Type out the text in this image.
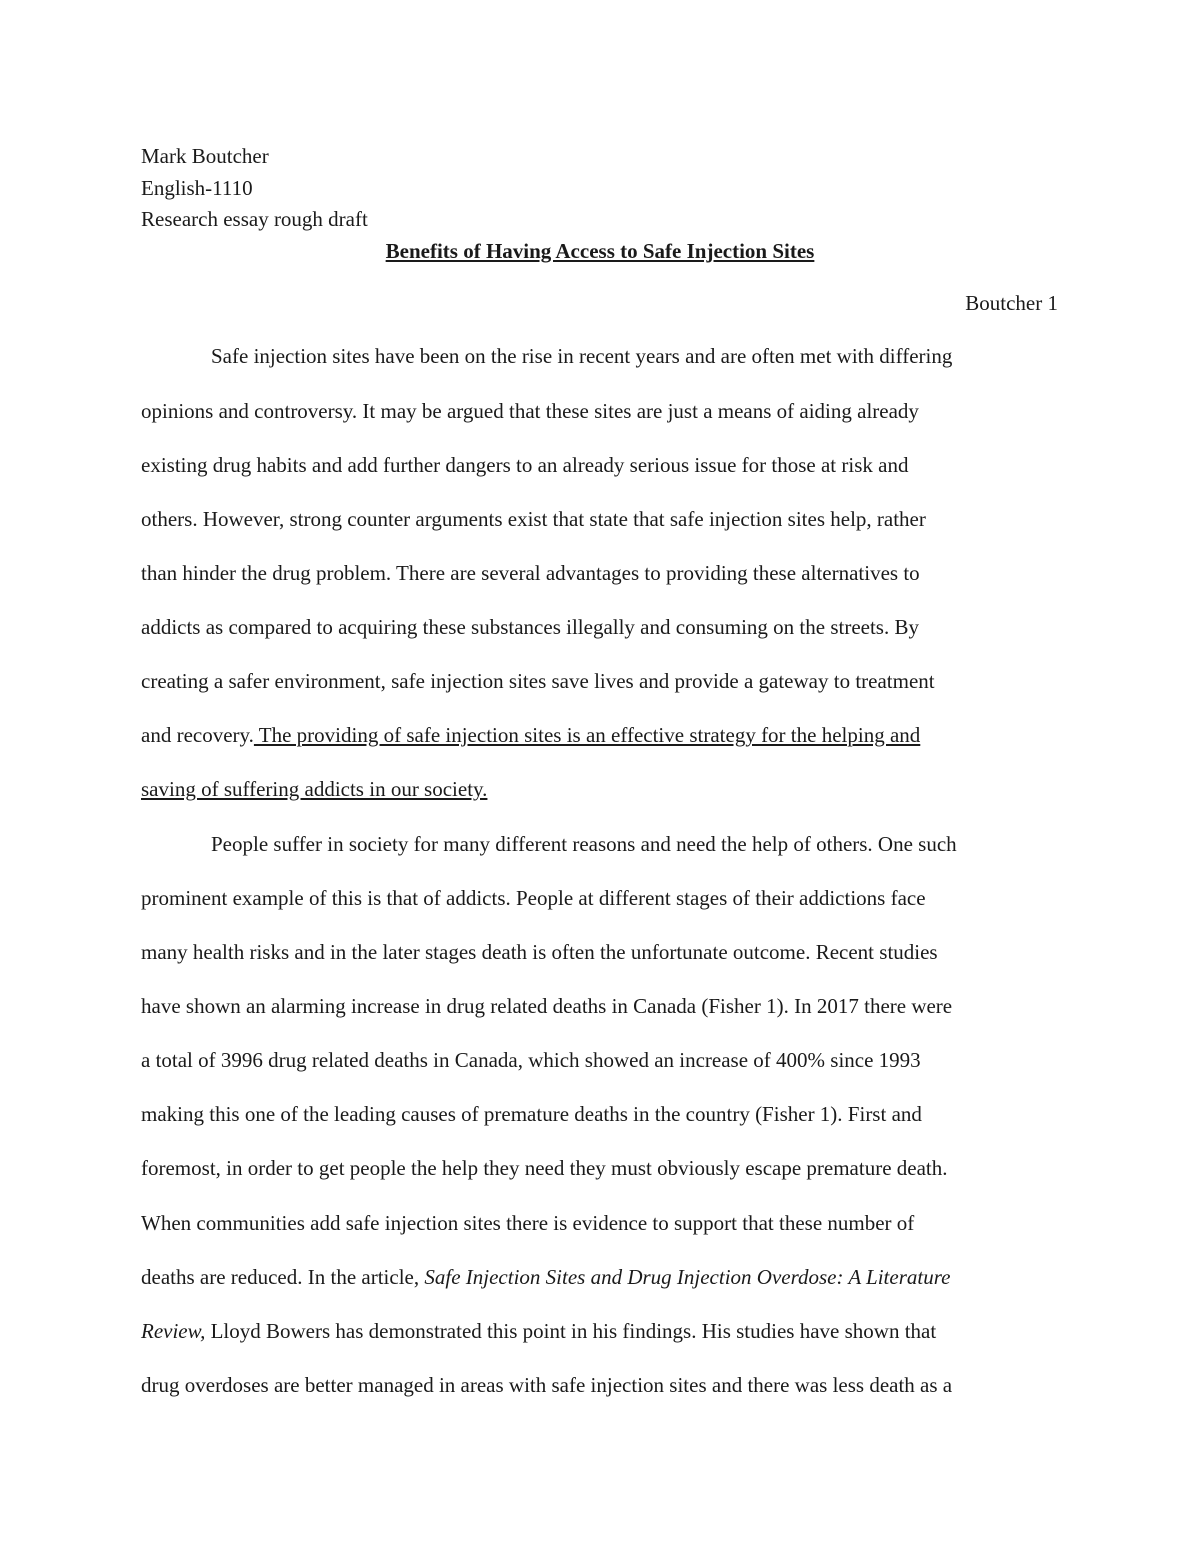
Mark Boutcher
English-1110
Research essay rough draft
Benefits of Having Access to Safe Injection Sites
Boutcher 1
Safe injection sites have been on the rise in recent years and are often met with differing
opinions and controversy. It may be argued that these sites are just a means of aiding already
existing drug habits and add further dangers to an already serious issue for those at risk and
others. However, strong counter arguments exist that state that safe injection sites help, rather
than hinder the drug problem. There are several advantages to providing these alternatives to
addicts as compared to acquiring these substances illegally and consuming on the streets. By
creating a safer environment, safe injection sites save lives and provide a gateway to treatment
and recovery. The providing of safe injection sites is an effective strategy for the helping and
saving of suffering addicts in our society.
People suffer in society for many different reasons and need the help of others. One such
prominent example of this is that of addicts. People at different stages of their addictions face
many health risks and in the later stages death is often the unfortunate outcome. Recent studies
have shown an alarming increase in drug related deaths in Canada (Fisher 1). In 2017 there were
a total of 3996 drug related deaths in Canada, which showed an increase of 400% since 1993
making this one of the leading causes of premature deaths in the country (Fisher 1). First and
foremost, in order to get people the help they need they must obviously escape premature death.
When communities add safe injection sites there is evidence to support that these number of
deaths are reduced. In the article, Safe Injection Sites and Drug Injection Overdose: A Literature
Review, Lloyd Bowers has demonstrated this point in his findings. His studies have shown that
drug overdoses are better managed in areas with safe injection sites and there was less death as a
